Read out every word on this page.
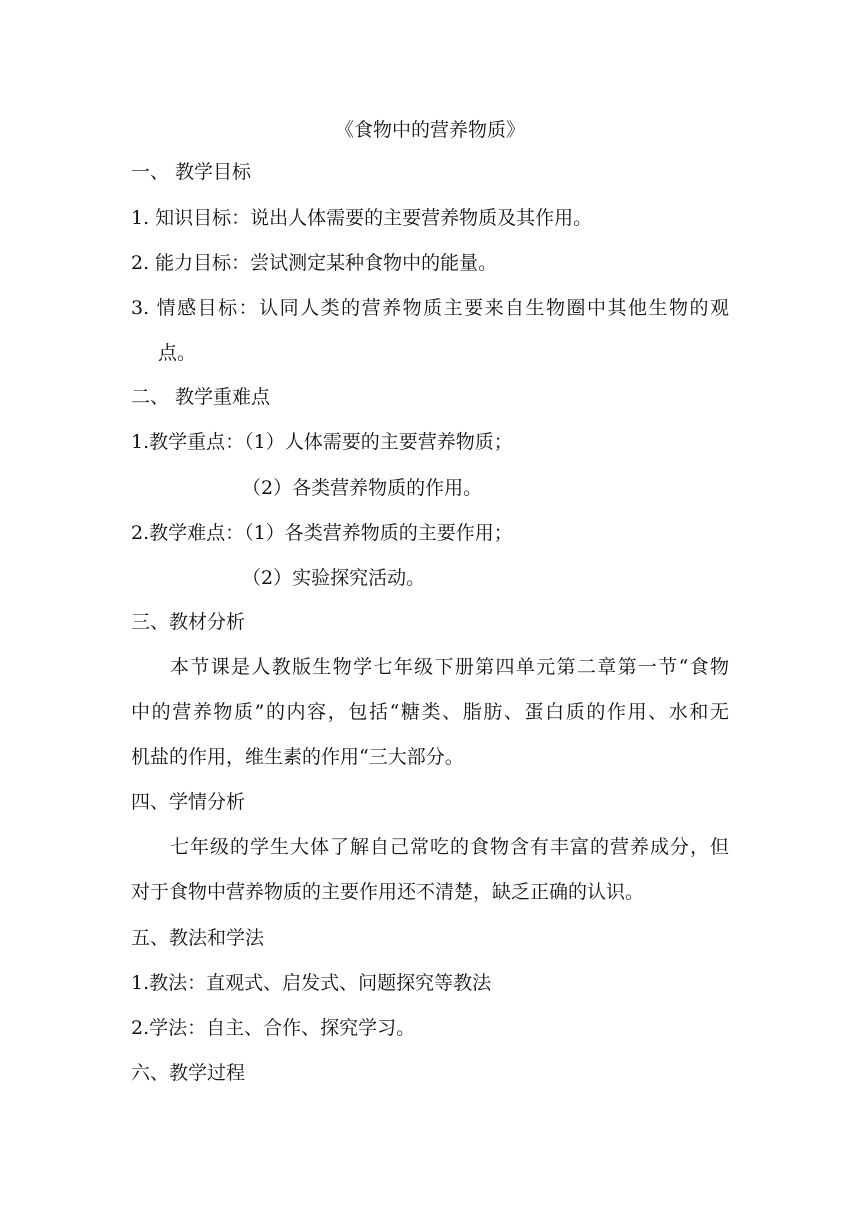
《食物中的营养物质》
一、 教学目标
1. 知识目标：说出人体需要的主要营养物质及其作用。
2. 能力目标：尝试测定某种食物中的能量。
3. 情感目标：认同人类的营养物质主要来自生物圈中其他生物的观
点。
二、 教学重难点
1.教学重点：（1）人体需要的主要营养物质；
（2）各类营养物质的作用。
2.教学难点：（1）各类营养物质的主要作用；
（2）实验探究活动。
三、教材分析
本节课是人教版生物学七年级下册第四单元第二章第一节“食物
中的营养物质”的内容，包括“糖类、脂肪、蛋白质的作用、水和无
机盐的作用，维生素的作用“三大部分。
四、学情分析
七年级的学生大体了解自己常吃的食物含有丰富的营养成分，但
对于食物中营养物质的主要作用还不清楚，缺乏正确的认识。
五、教法和学法
1.教法：直观式、启发式、问题探究等教法
2.学法：自主、合作、探究学习。
六、教学过程
